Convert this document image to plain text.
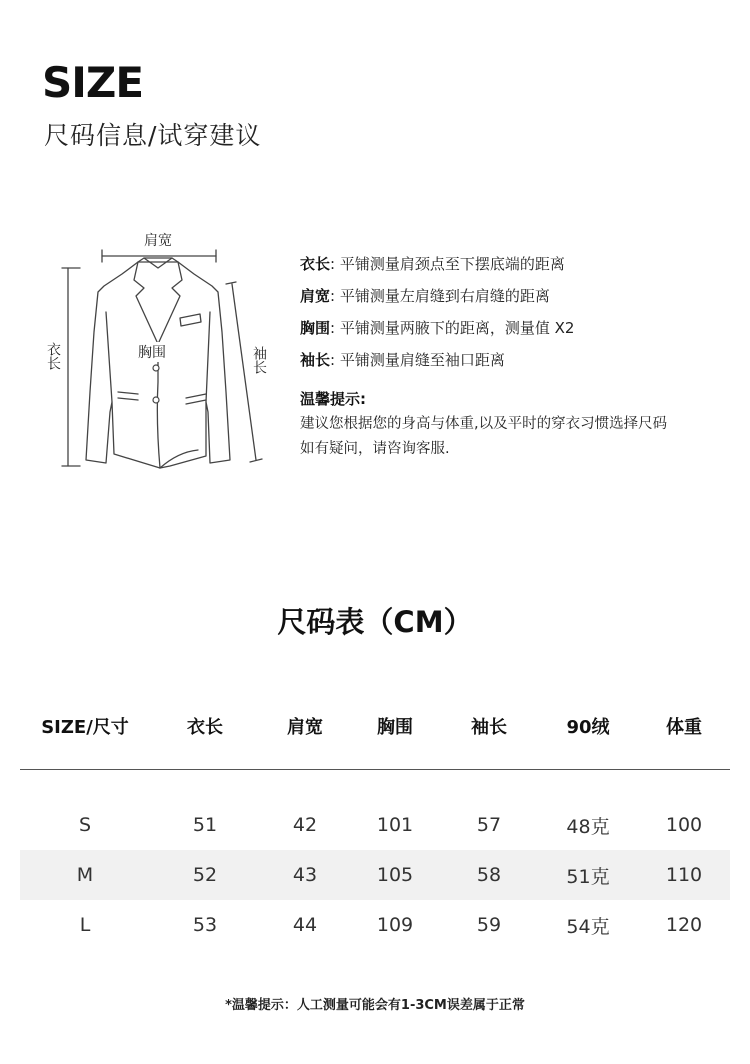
SIZE
尺码信息/试穿建议
肩宽
胸围
衣长	袖长
衣长: 平铺测量肩颈点至下摆底端的距离
肩宽: 平铺测量左肩缝到右肩缝的距离
胸围: 平铺测量两腋下的距离，测量值 X2
袖长: 平铺测量肩缝至袖口距离
温馨提示:
建议您根据您的身高与体重,以及平时的穿衣习惯选择尺码
如有疑问，请咨询客服.
尺码表（CM）
SIZE/尺寸	衣长	肩宽	胸围	袖长	90绒	体重
S	51	42	101	57	48克	100
M	52	43	105	58	51克	110
L	53	44	109	59	54克	120
*温馨提示：人工测量可能会有1-3CM误差属于正常
